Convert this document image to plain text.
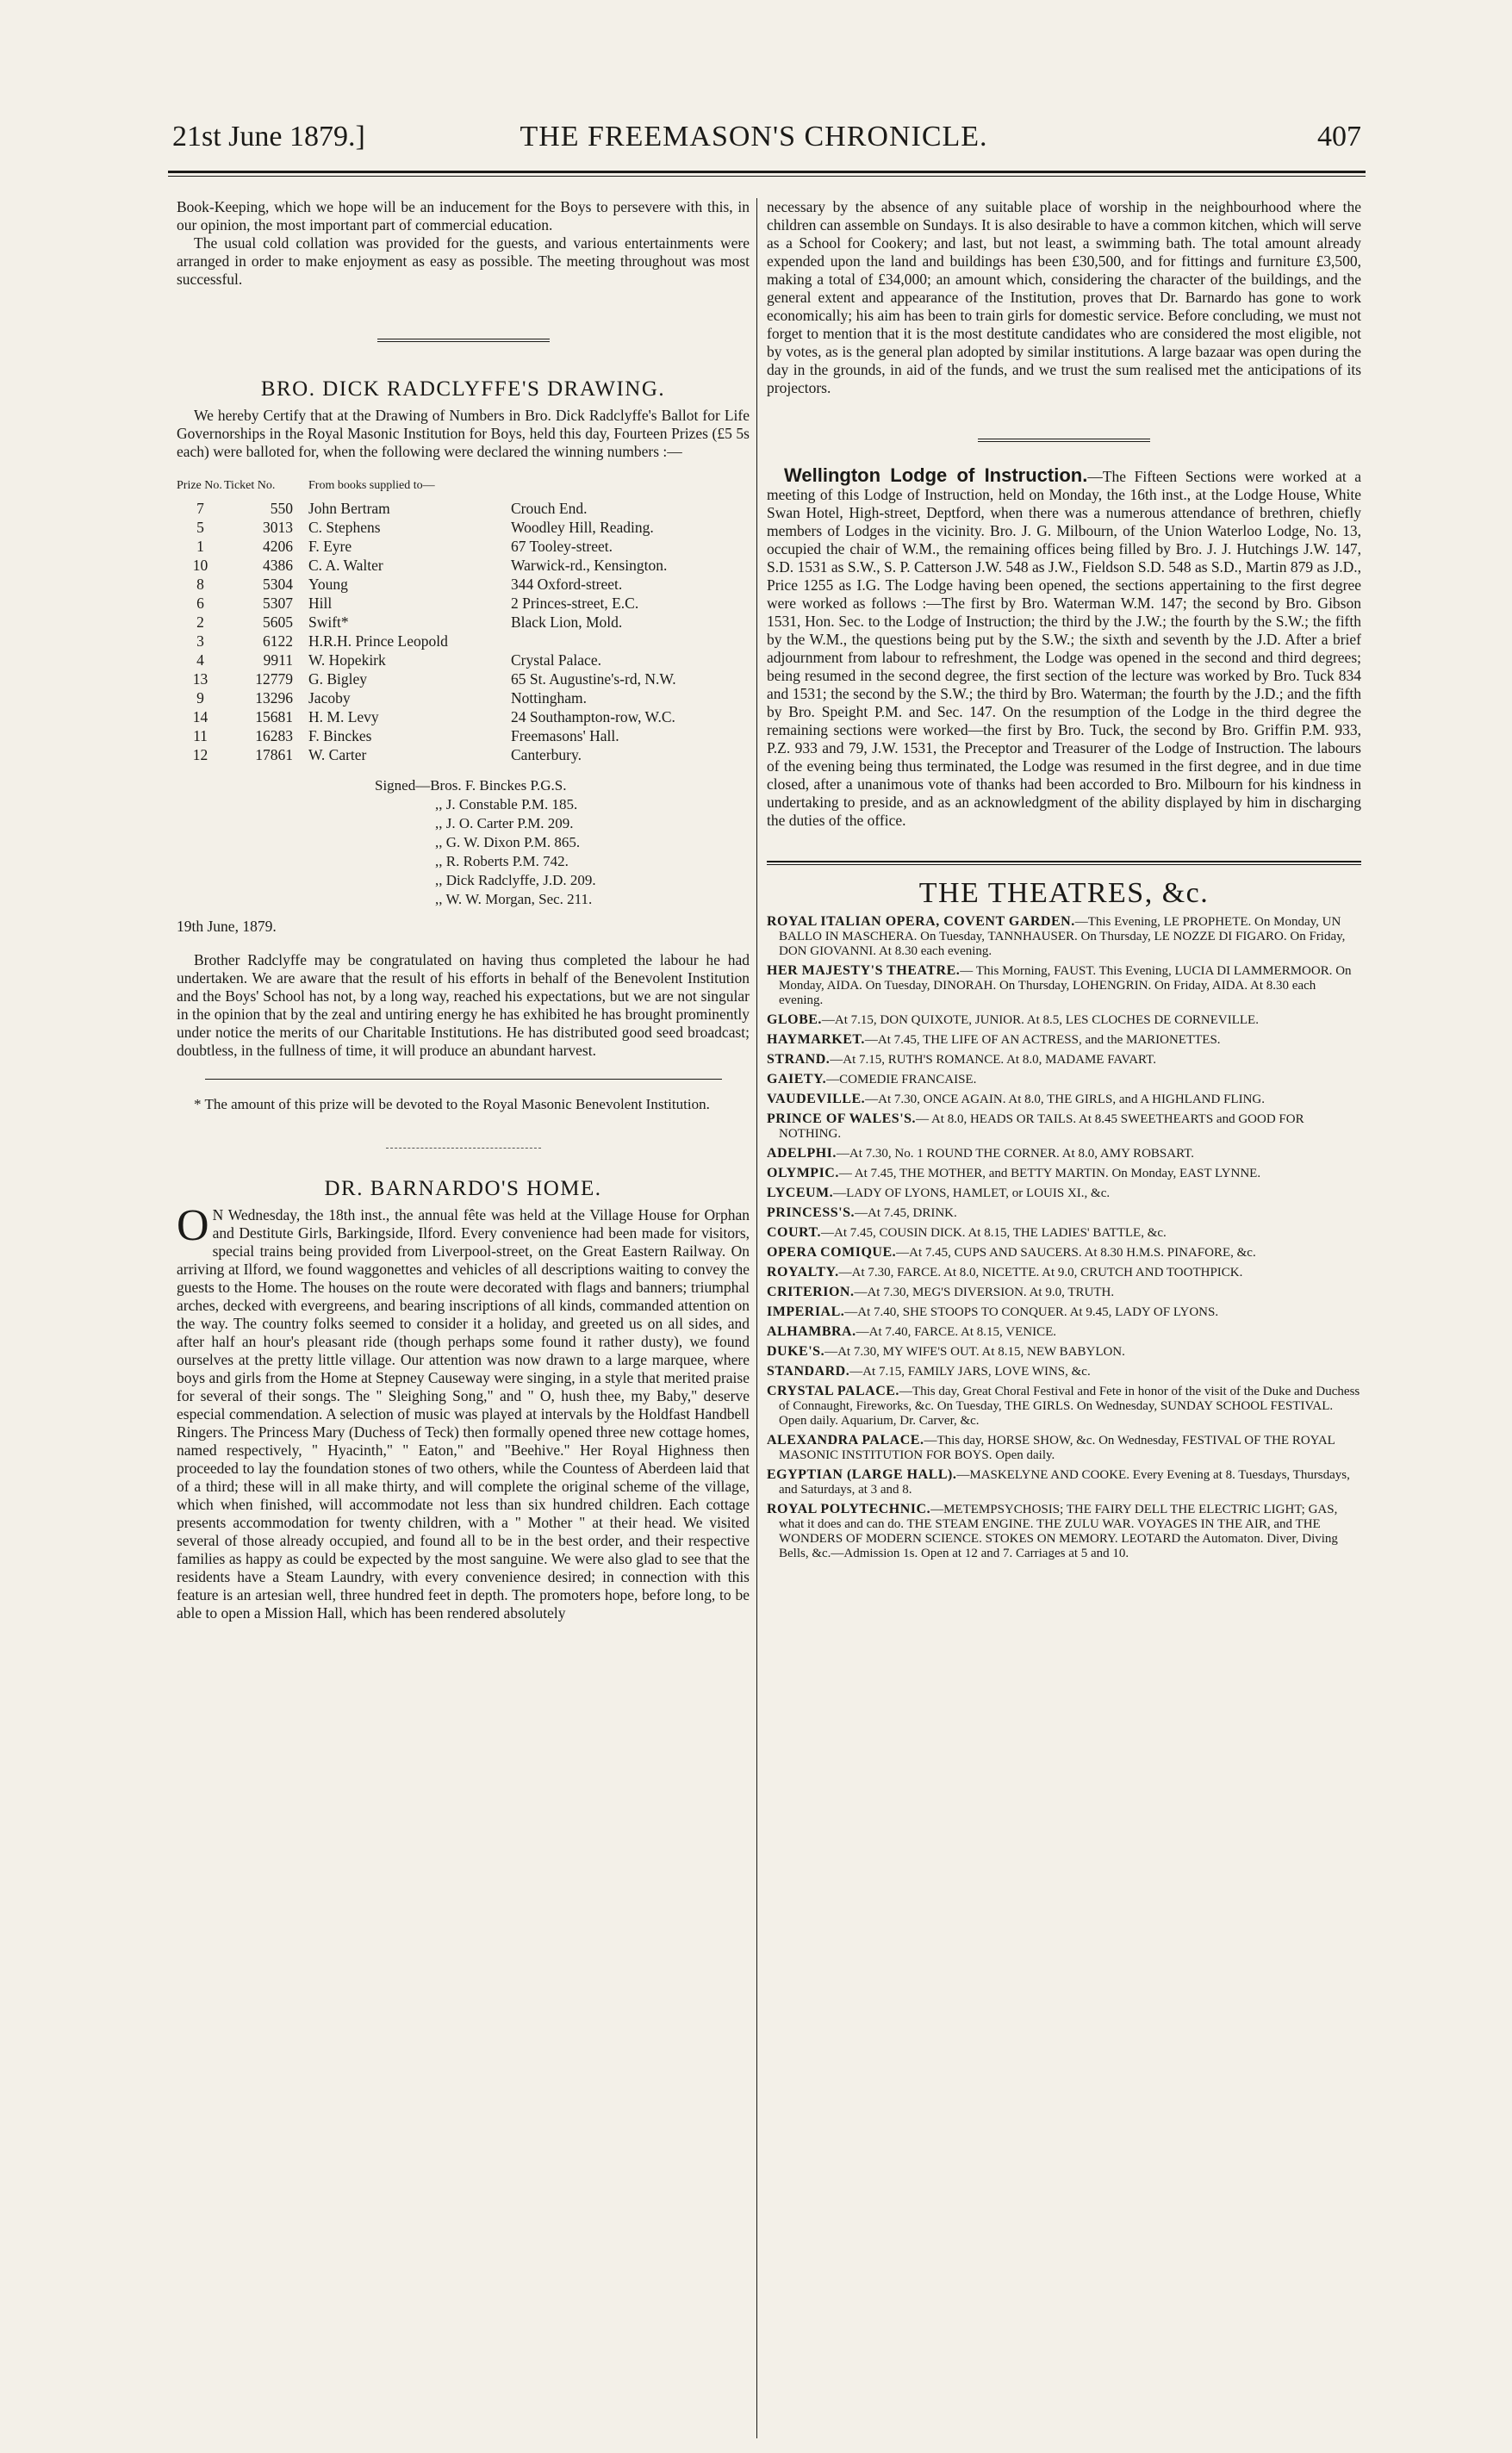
21st June 1879.]	THE FREEMASON'S CHRONICLE.	407

Book-Keeping, which we hope will be an inducement for the Boys to persevere with this, in our opinion, the most important part of commercial education.

The usual cold collation was provided for the guests, and various entertainments were arranged in order to make enjoyment as easy as possible. The meeting throughout was most successful.

BRO. DICK RADCLYFFE'S DRAWING.

We hereby Certify that at the Drawing of Numbers in Bro. Dick Radclyffe's Ballot for Life Governorships in the Royal Masonic Institution for Boys, held this day, Fourteen Prizes (£5 5s each) were balloted for, when the following were declared the winning numbers :—

Prize No.	Ticket No.	From books supplied to—	
7	550	John Bertram	Crouch End.
5	3013	C. Stephens	Woodley Hill, Reading.
1	4206	F. Eyre	67 Tooley-street.
10	4386	C. A. Walter	Warwick-rd., Kensington.
8	5304	Young	344 Oxford-street.
6	5307	Hill	2 Princes-street, E.C.
2	5605	Swift*	Black Lion, Mold.
3	6122	H.R.H. Prince Leopold	
4	9911	W. Hopekirk	Crystal Palace.
13	12779	G. Bigley	65 St. Augustine's-rd, N.W.
9	13296	Jacoby	Nottingham.
14	15681	H. M. Levy	24 Southampton-row, W.C.
11	16283	F. Binckes	Freemasons' Hall.
12	17861	W. Carter	Canterbury.
Signed—Bros. F. Binckes P.G.S.
,, J. Constable P.M. 185.
,, J. O. Carter P.M. 209.
,, G. W. Dixon P.M. 865.
,, R. Roberts P.M. 742.
,, Dick Radclyffe, J.D. 209.
,, W. W. Morgan, Sec. 211.

19th June, 1879.

Brother Radclyffe may be congratulated on having thus completed the labour he had undertaken. We are aware that the result of his efforts in behalf of the Benevolent Institution and the Boys' School has not, by a long way, reached his expectations, but we are not singular in the opinion that by the zeal and untiring energy he has exhibited he has brought prominently under notice the merits of our Charitable Institutions. He has distributed good seed broadcast; doubtless, in the fullness of time, it will produce an abundant harvest.

* The amount of this prize will be devoted to the Royal Masonic Benevolent Institution.

DR. BARNARDO'S HOME.

O N Wednesday, the 18th inst., the annual fête was held at the Village House for Orphan and Destitute Girls, Barkingside, Ilford. Every convenience had been made for visitors, special trains being provided from Liverpool-street, on the Great Eastern Railway. On arriving at Ilford, we found waggonettes and vehicles of all descriptions waiting to convey the guests to the Home. The houses on the route were decorated with flags and banners; triumphal arches, decked with evergreens, and bearing inscriptions of all kinds, commanded attention on the way. The country folks seemed to consider it a holiday, and greeted us on all sides, and after half an hour's pleasant ride (though perhaps some found it rather dusty), we found ourselves at the pretty little village. Our attention was now drawn to a large marquee, where boys and girls from the Home at Stepney Causeway were singing, in a style that merited praise for several of their songs. The " Sleighing Song," and " O, hush thee, my Baby," deserve especial commendation. A selection of music was played at intervals by the Holdfast Handbell Ringers. The Princess Mary (Duchess of Teck) then formally opened three new cottage homes, named respectively, " Hyacinth," " Eaton," and "Beehive." Her Royal Highness then proceeded to lay the foundation stones of two others, while the Countess of Aberdeen laid that of a third; these will in all make thirty, and will complete the original scheme of the village, which when finished, will accommodate not less than six hundred children. Each cottage presents accommodation for twenty children, with a " Mother " at their head. We visited several of those already occupied, and found all to be in the best order, and their respective families as happy as could be expected by the most sanguine. We were also glad to see that the residents have a Steam Laundry, with every convenience desired; in connection with this feature is an artesian well, three hundred feet in depth. The promoters hope, before long, to be able to open a Mission Hall, which has been rendered absolutely

necessary by the absence of any suitable place of worship in the neighbourhood where the children can assemble on Sundays. It is also desirable to have a common kitchen, which will serve as a School for Cookery; and last, but not least, a swimming bath. The total amount already expended upon the land and buildings has been £30,500, and for fittings and furniture £3,500, making a total of £34,000; an amount which, considering the character of the buildings, and the general extent and appearance of the Institution, proves that Dr. Barnardo has gone to work economically; his aim has been to train girls for domestic service. Before concluding, we must not forget to mention that it is the most destitute candidates who are considered the most eligible, not by votes, as is the general plan adopted by similar institutions. A large bazaar was open during the day in the grounds, in aid of the funds, and we trust the sum realised met the anticipations of its projectors.

Wellington Lodge of Instruction.—The Fifteen Sections were worked at a meeting of this Lodge of Instruction, held on Monday, the 16th inst., at the Lodge House, White Swan Hotel, High-street, Deptford, when there was a numerous attendance of brethren, chiefly members of Lodges in the vicinity. Bro. J. G. Milbourn, of the Union Waterloo Lodge, No. 13, occupied the chair of W.M., the remaining offices being filled by Bro. J. J. Hutchings J.W. 147, S.D. 1531 as S.W., S. P. Catterson J.W. 548 as J.W., Fieldson S.D. 548 as S.D., Martin 879 as J.D., Price 1255 as I.G. The Lodge having been opened, the sections appertaining to the first degree were worked as follows :—The first by Bro. Waterman W.M. 147; the second by Bro. Gibson 1531, Hon. Sec. to the Lodge of Instruction; the third by the J.W.; the fourth by the S.W.; the fifth by the W.M., the questions being put by the S.W.; the sixth and seventh by the J.D. After a brief adjournment from labour to refreshment, the Lodge was opened in the second and third degrees; being resumed in the second degree, the first section of the lecture was worked by Bro. Tuck 834 and 1531; the second by the S.W.; the third by Bro. Waterman; the fourth by the J.D.; and the fifth by Bro. Speight P.M. and Sec. 147. On the resumption of the Lodge in the third degree the remaining sections were worked—the first by Bro. Tuck, the second by Bro. Griffin P.M. 933, P.Z. 933 and 79, J.W. 1531, the Preceptor and Treasurer of the Lodge of Instruction. The labours of the evening being thus terminated, the Lodge was resumed in the first degree, and in due time closed, after a unanimous vote of thanks had been accorded to Bro. Milbourn for his kindness in undertaking to preside, and as an acknowledgment of the ability displayed by him in discharging the duties of the office.

THE THEATRES, &c.

ROYAL ITALIAN OPERA, COVENT GARDEN.—This Evening, LE PROPHETE. On Monday, UN BALLO IN MASCHERA. On Tuesday, TANNHAUSER. On Thursday, LE NOZZE DI FIGARO. On Friday, DON GIOVANNI. At 8.30 each evening.

HER MAJESTY'S THEATRE.— This Morning, FAUST. This Evening, LUCIA DI LAMMERMOOR. On Monday, AIDA. On Tuesday, DINORAH. On Thursday, LOHENGRIN. On Friday, AIDA. At 8.30 each evening.

GLOBE.—At 7.15, DON QUIXOTE, JUNIOR. At 8.5, LES CLOCHES DE CORNEVILLE.

HAYMARKET.—At 7.45, THE LIFE OF AN ACTRESS, and the MARIONETTES.

STRAND.—At 7.15, RUTH'S ROMANCE. At 8.0, MADAME FAVART.

GAIETY.—COMEDIE FRANCAISE.

VAUDEVILLE.—At 7.30, ONCE AGAIN. At 8.0, THE GIRLS, and A HIGHLAND FLING.

PRINCE OF WALES'S.— At 8.0, HEADS OR TAILS. At 8.45 SWEETHEARTS and GOOD FOR NOTHING.

ADELPHI.—At 7.30, No. 1 ROUND THE CORNER. At 8.0, AMY ROBSART.

OLYMPIC.— At 7.45, THE MOTHER, and BETTY MARTIN. On Monday, EAST LYNNE.

LYCEUM.—LADY OF LYONS, HAMLET, or LOUIS XI., &c.

PRINCESS'S.—At 7.45, DRINK.

COURT.—At 7.45, COUSIN DICK. At 8.15, THE LADIES' BATTLE, &c.

OPERA COMIQUE.—At 7.45, CUPS AND SAUCERS. At 8.30 H.M.S. PINAFORE, &c.

ROYALTY.—At 7.30, FARCE. At 8.0, NICETTE. At 9.0, CRUTCH AND TOOTHPICK.

CRITERION.—At 7.30, MEG'S DIVERSION. At 9.0, TRUTH.

IMPERIAL.—At 7.40, SHE STOOPS TO CONQUER. At 9.45, LADY OF LYONS.

ALHAMBRA.—At 7.40, FARCE. At 8.15, VENICE.

DUKE'S.—At 7.30, MY WIFE'S OUT. At 8.15, NEW BABYLON.

STANDARD.—At 7.15, FAMILY JARS, LOVE WINS, &c.

CRYSTAL PALACE.—This day, Great Choral Festival and Fete in honor of the visit of the Duke and Duchess of Connaught, Fireworks, &c. On Tuesday, THE GIRLS. On Wednesday, SUNDAY SCHOOL FESTIVAL. Open daily. Aquarium, Dr. Carver, &c.

ALEXANDRA PALACE.—This day, HORSE SHOW, &c. On Wednesday, FESTIVAL OF THE ROYAL MASONIC INSTITUTION FOR BOYS. Open daily.

EGYPTIAN (LARGE HALL).—MASKELYNE AND COOKE. Every Evening at 8. Tuesdays, Thursdays, and Saturdays, at 3 and 8.

ROYAL POLYTECHNIC.—METEMPSYCHOSIS; THE FAIRY DELL THE ELECTRIC LIGHT; GAS, what it does and can do. THE STEAM ENGINE. THE ZULU WAR. VOYAGES IN THE AIR, and THE WONDERS OF MODERN SCIENCE. STOKES ON MEMORY. LEOTARD the Automaton. Diver, Diving Bells, &c.—Admission 1s. Open at 12 and 7. Carriages at 5 and 10.
